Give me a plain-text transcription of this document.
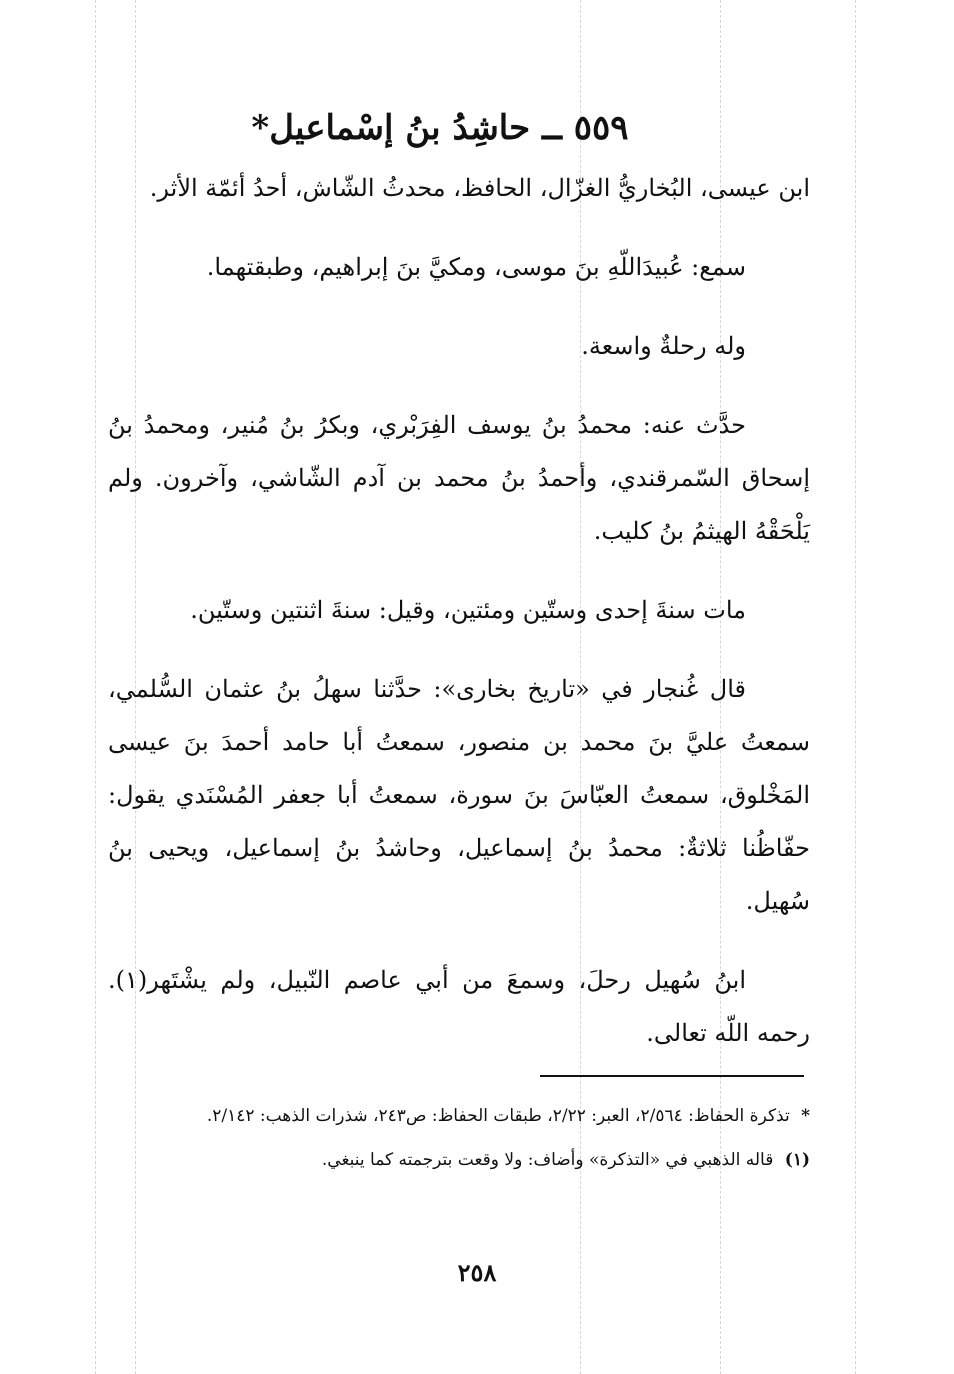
٥٥٩ ــ حاشِدُ بنُ إسْماعيل*

ابن عيسى، البُخاريُّ الغزّال، الحافظ، محدثُ الشّاش، أحدُ أئمّة الأثر.

سمع: عُبيدَاللّهِ بنَ موسى، ومكيَّ بنَ إبراهيم، وطبقتهما.

وله رحلةٌ واسعة.

حدَّث عنه: محمدُ بنُ يوسف الفِرَبْري، وبكرُ بنُ مُنير، ومحمدُ بنُ إسحاق السّمرقندي، وأحمدُ بنُ محمد بن آدم الشّاشي، وآخرون. ولم يَلْحَقْهُ الهيثمُ بنُ كليب.

مات سنةَ إحدى وستّين ومئتين، وقيل: سنةَ اثنتين وستّين.

قال غُنجار في «تاريخ بخارى»: حدَّثنا سهلُ بنُ عثمان السُّلمي، سمعتُ عليَّ بنَ محمد بن منصور، سمعتُ أبا حامد أحمدَ بنَ عيسى المَخْلوق، سمعتُ العبّاسَ بنَ سورة، سمعتُ أبا جعفر المُسْنَدي يقول: حفّاظُنا ثلاثةٌ: محمدُ بنُ إسماعيل، وحاشدُ بنُ إسماعيل، ويحيى بنُ سُهيل.

ابنُ سُهيل رحلَ، وسمعَ من أبي عاصم النّبيل، ولم يشْتَهر(١). رحمه اللّه تعالى.

* تذكرة الحفاظ: ٢/٥٦٤، العبر: ٢/٢٢، طبقات الحفاظ: ص٢٤٣، شذرات الذهب: ٢/١٤٢.

(١) قاله الذهبي في «التذكرة» وأضاف: ولا وقعت بترجمته كما ينبغي.

٢٥٨
